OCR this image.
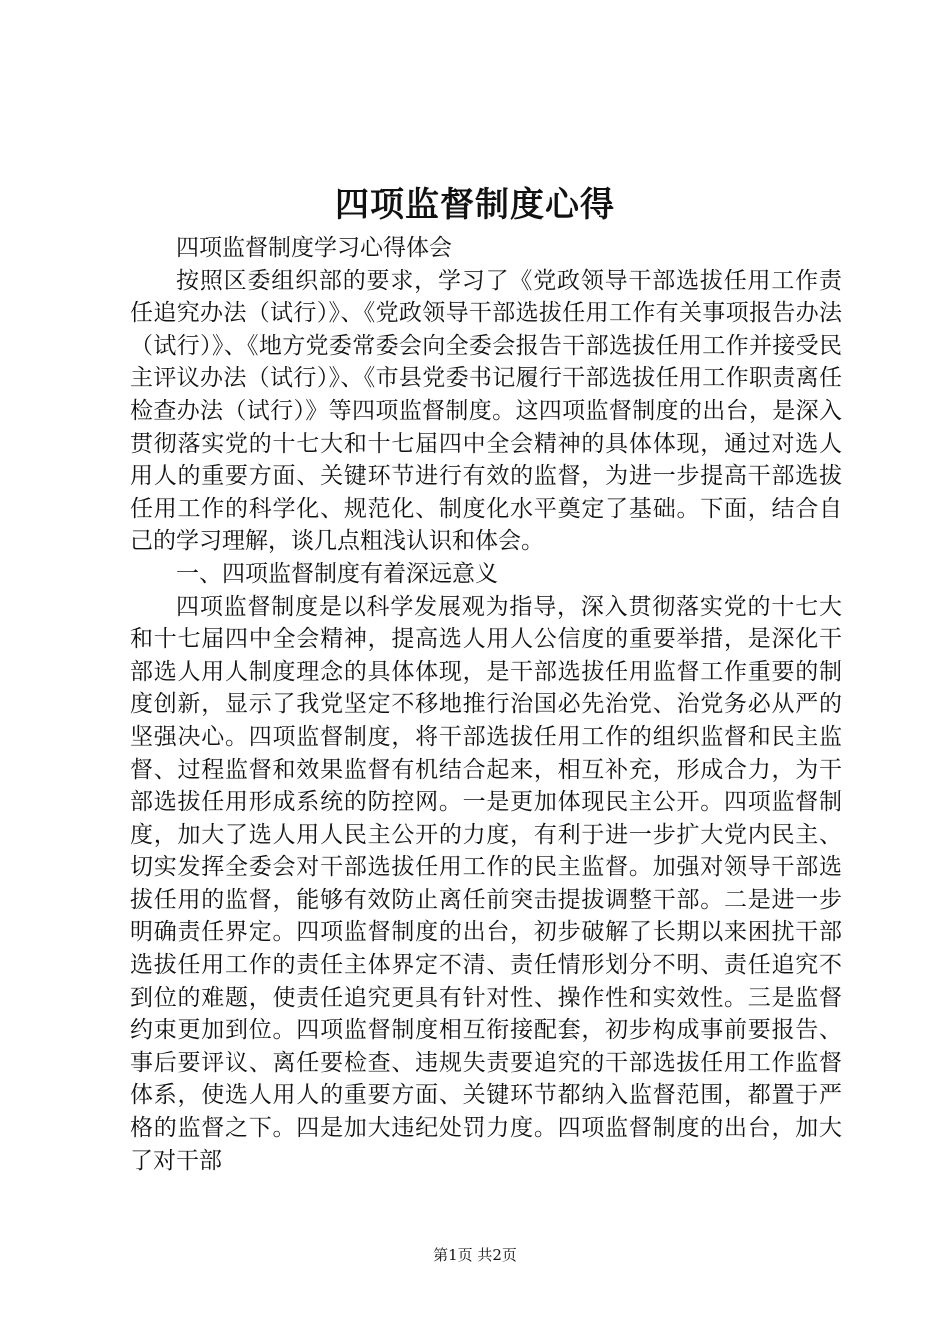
四项监督制度心得

四项监督制度学习心得体会

按照区委组织部的要求，学习了《党政领导干部选拔任用工作责任追究办法（试行）》、《党政领导干部选拔任用工作有关事项报告办法（试行）》、《地方党委常委会向全委会报告干部选拔任用工作并接受民主评议办法（试行）》、《市县党委书记履行干部选拔任用工作职责离任检查办法（试行）》等四项监督制度。这四项监督制度的出台，是深入贯彻落实党的十七大和十七届四中全会精神的具体体现，通过对选人用人的重要方面、关键环节进行有效的监督，为进一步提高干部选拔任用工作的科学化、规范化、制度化水平奠定了基础。下面，结合自己的学习理解，谈几点粗浅认识和体会。

一、四项监督制度有着深远意义

四项监督制度是以科学发展观为指导，深入贯彻落实党的十七大和十七届四中全会精神，提高选人用人公信度的重要举措，是深化干部选人用人制度理念的具体体现，是干部选拔任用监督工作重要的制度创新，显示了我党坚定不移地推行治国必先治党、治党务必从严的坚强决心。四项监督制度，将干部选拔任用工作的组织监督和民主监督、过程监督和效果监督有机结合起来，相互补充，形成合力，为干部选拔任用形成系统的防控网。一是更加体现民主公开。四项监督制度，加大了选人用人民主公开的力度，有利于进一步扩大党内民主、切实发挥全委会对干部选拔任用工作的民主监督。加强对领导干部选拔任用的监督，能够有效防止离任前突击提拔调整干部。二是进一步明确责任界定。四项监督制度的出台，初步破解了长期以来困扰干部选拔任用工作的责任主体界定不清、责任情形划分不明、责任追究不到位的难题，使责任追究更具有针对性、操作性和实效性。三是监督约束更加到位。四项监督制度相互衔接配套，初步构成事前要报告、事后要评议、离任要检查、违规失责要追究的干部选拔任用工作监督体系，使选人用人的重要方面、关键环节都纳入监督范围，都置于严格的监督之下。四是加大违纪处罚力度。四项监督制度的出台，加大了对干部

第1页 共2页
